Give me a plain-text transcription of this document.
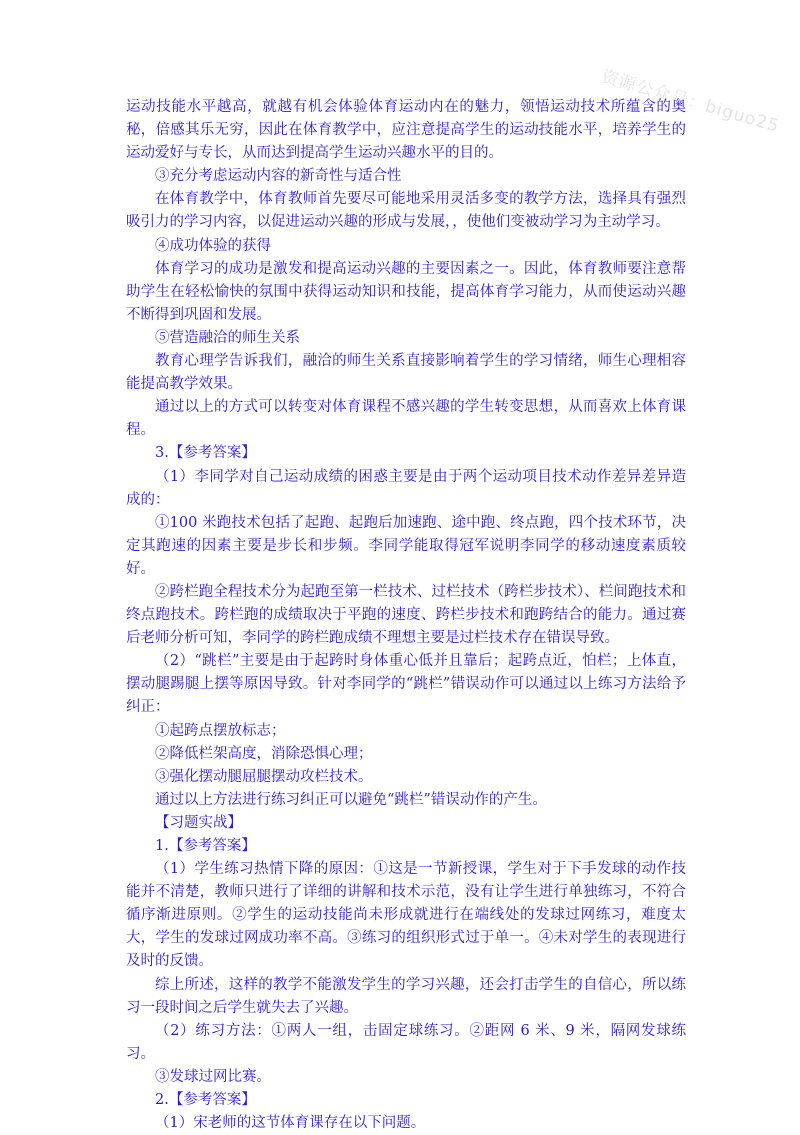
资源公众号：biguo25

运动技能水平越高，就越有机会体验体育运动内在的魅力，领悟运动技术所蕴含的奥秘，倍感其乐无穷，因此在体育教学中，应注意提高学生的运动技能水平，培养学生的运动爱好与专长，从而达到提高学生运动兴趣水平的目的。

③充分考虑运动内容的新奇性与适合性

在体育教学中，体育教师首先要尽可能地采用灵活多变的教学方法，选择具有强烈吸引力的学习内容，以促进运动兴趣的形成与发展，，使他们变被动学习为主动学习。

④成功体验的获得

体育学习的成功是激发和提高运动兴趣的主要因素之一。因此，体育教师要注意帮助学生在轻松愉快的氛围中获得运动知识和技能，提高体育学习能力，从而使运动兴趣不断得到巩固和发展。

⑤营造融洽的师生关系

教育心理学告诉我们，融洽的师生关系直接影响着学生的学习情绪，师生心理相容能提高教学效果。

通过以上的方式可以转变对体育课程不感兴趣的学生转变思想，从而喜欢上体育课程。

3.【参考答案】

（1）李同学对自己运动成绩的困惑主要是由于两个运动项目技术动作差异差异造成的：

①100 米跑技术包括了起跑、起跑后加速跑、途中跑、终点跑，四个技术环节，决定其跑速的因素主要是步长和步频。李同学能取得冠军说明李同学的移动速度素质较好。

②跨栏跑全程技术分为起跑至第一栏技术、过栏技术（跨栏步技术）、栏间跑技术和终点跑技术。跨栏跑的成绩取决于平跑的速度、跨栏步技术和跑跨结合的能力。通过赛后老师分析可知，李同学的跨栏跑成绩不理想主要是过栏技术存在错误导致。

（2）“跳栏”主要是由于起跨时身体重心低并且靠后；起跨点近，怕栏；上体直，摆动腿踢腿上摆等原因导致。针对李同学的“跳栏”错误动作可以通过以上练习方法给予纠正：

①起跨点摆放标志；

②降低栏架高度，消除恐惧心理；

③强化摆动腿屈腿摆动攻栏技术。

通过以上方法进行练习纠正可以避免“跳栏”错误动作的产生。

【习题实战】

1.【参考答案】

（1）学生练习热情下降的原因：①这是一节新授课，学生对于下手发球的动作技能并不清楚，教师只进行了详细的讲解和技术示范，没有让学生进行单独练习，不符合循序渐进原则。②学生的运动技能尚未形成就进行在端线处的发球过网练习，难度太大，学生的发球过网成功率不高。③练习的组织形式过于单一。④未对学生的表现进行及时的反馈。

综上所述，这样的教学不能激发学生的学习兴趣，还会打击学生的自信心，所以练习一段时间之后学生就失去了兴趣。

（2）练习方法：①两人一组，击固定球练习。②距网 6 米、9 米，隔网发球练习。

③发球过网比赛。

2.【参考答案】

（1）宋老师的这节体育课存在以下问题。
